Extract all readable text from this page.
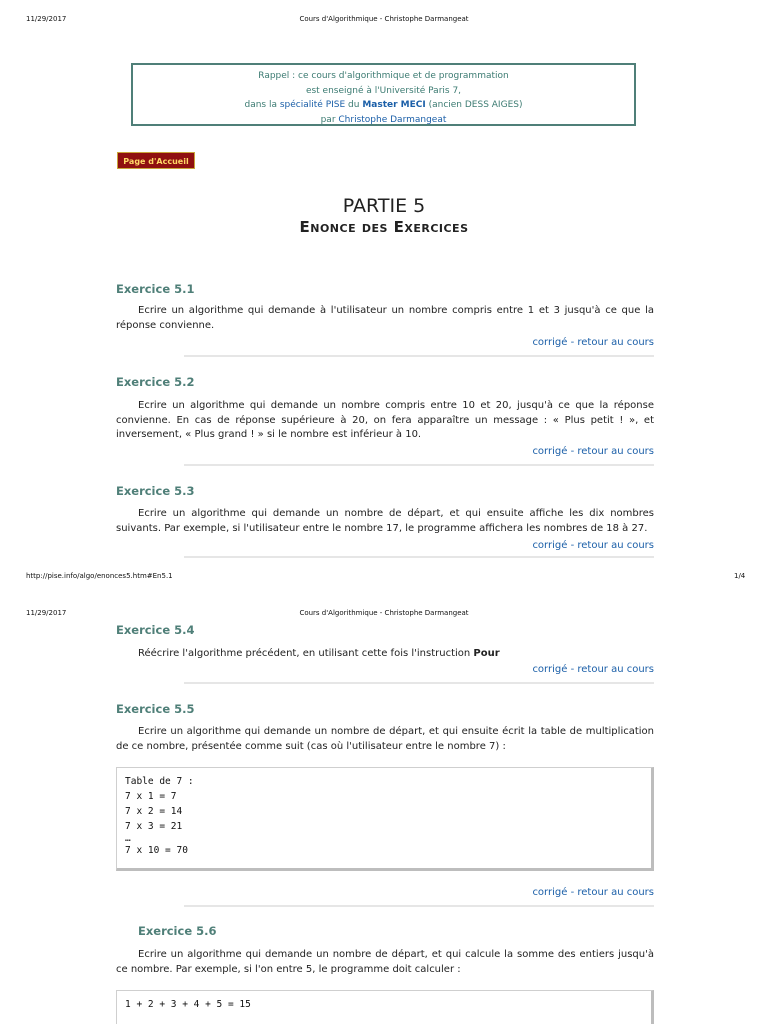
11/29/2017	Cours d'Algorithmique - Christophe Darmangeat
Rappel : ce cours d'algorithmique et de programmation
est enseigné à l'Université Paris 7,
dans la spécialité PISE du Master MECI (ancien DESS AIGES)
par Christophe Darmangeat
Page d'Accueil
PARTIE 5
Enonce des Exercices
Exercice 5.1
Ecrire un algorithme qui demande à l'utilisateur un nombre compris entre 1 et 3 jusqu'à ce que la réponse convienne.
corrigé - retour au cours
Exercice 5.2
Ecrire un algorithme qui demande un nombre compris entre 10 et 20, jusqu'à ce que la réponse convienne. En cas de réponse supérieure à 20, on fera apparaître un message : « Plus petit ! », et inversement, « Plus grand ! » si le nombre est inférieur à 10.
corrigé - retour au cours
Exercice 5.3
Ecrire un algorithme qui demande un nombre de départ, et qui ensuite affiche les dix nombres suivants. Par exemple, si l'utilisateur entre le nombre 17, le programme affichera les nombres de 18 à 27.
corrigé - retour au cours
http://pise.info/algo/enonces5.htm#En5.1	1/4
11/29/2017	Cours d'Algorithmique - Christophe Darmangeat
Exercice 5.4
Réécrire l'algorithme précédent, en utilisant cette fois l'instruction Pour
corrigé - retour au cours
Exercice 5.5
Ecrire un algorithme qui demande un nombre de départ, et qui ensuite écrit la table de multiplication de ce nombre, présentée comme suit (cas où l'utilisateur entre le nombre 7) :
Table de 7 :
7 x 1 = 7
7 x 2 = 14
7 x 3 = 21
…
7 x 10 = 70
corrigé - retour au cours
Exercice 5.6
Ecrire un algorithme qui demande un nombre de départ, et qui calcule la somme des entiers jusqu'à ce nombre. Par exemple, si l'on entre 5, le programme doit calculer :
1 + 2 + 3 + 4 + 5 = 15
